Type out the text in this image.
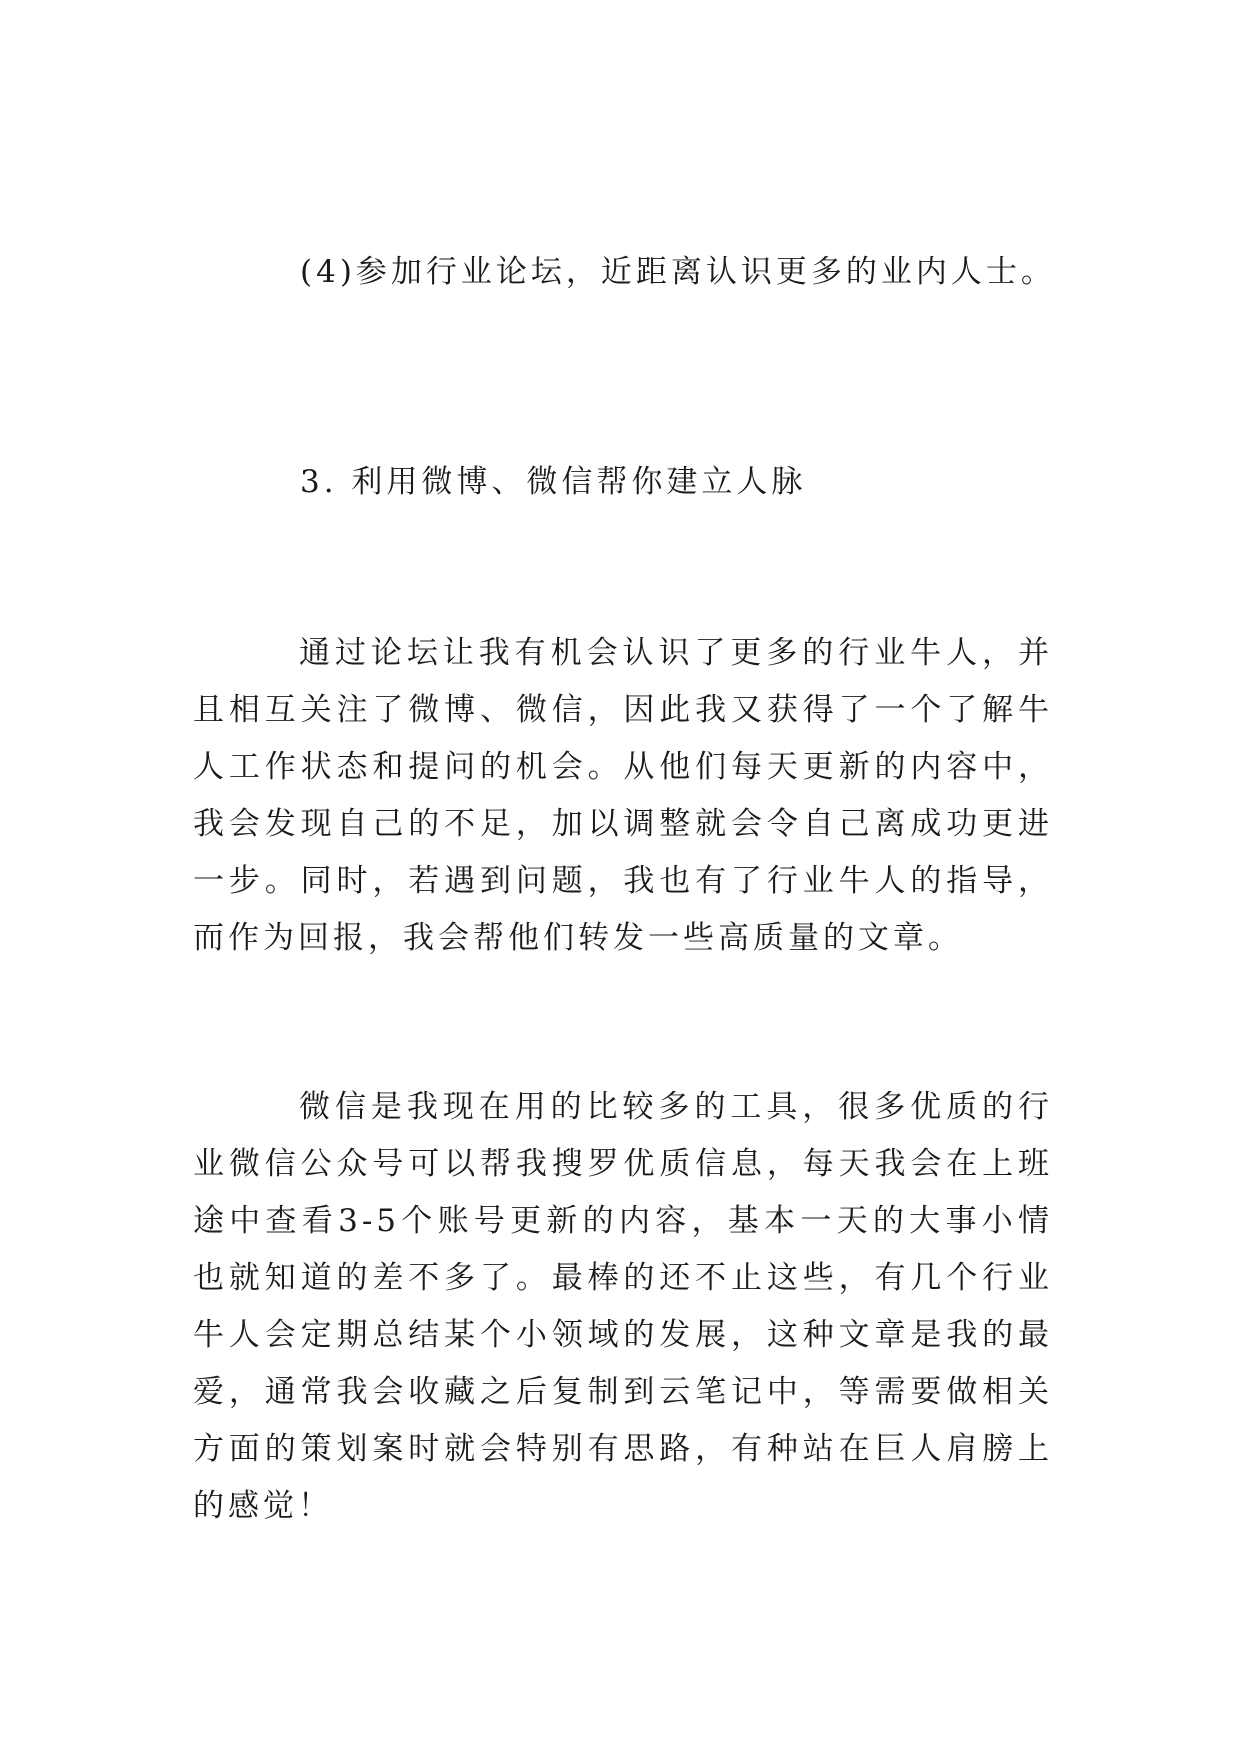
(4)参加行业论坛，近距离认识更多的业内人士。
3. 利用微博、微信帮你建立人脉
通过论坛让我有机会认识了更多的行业牛人，并且相互关注了微博、微信，因此我又获得了一个了解牛人工作状态和提问的机会。从他们每天更新的内容中，我会发现自己的不足，加以调整就会令自己离成功更进一步。同时，若遇到问题，我也有了行业牛人的指导，而作为回报，我会帮他们转发一些高质量的文章。
微信是我现在用的比较多的工具，很多优质的行业微信公众号可以帮我搜罗优质信息，每天我会在上班途中查看3-5个账号更新的内容，基本一天的大事小情也就知道的差不多了。最棒的还不止这些，有几个行业牛人会定期总结某个小领域的发展，这种文章是我的最爱，通常我会收藏之后复制到云笔记中，等需要做相关方面的策划案时就会特别有思路，有种站在巨人肩膀上的感觉！
